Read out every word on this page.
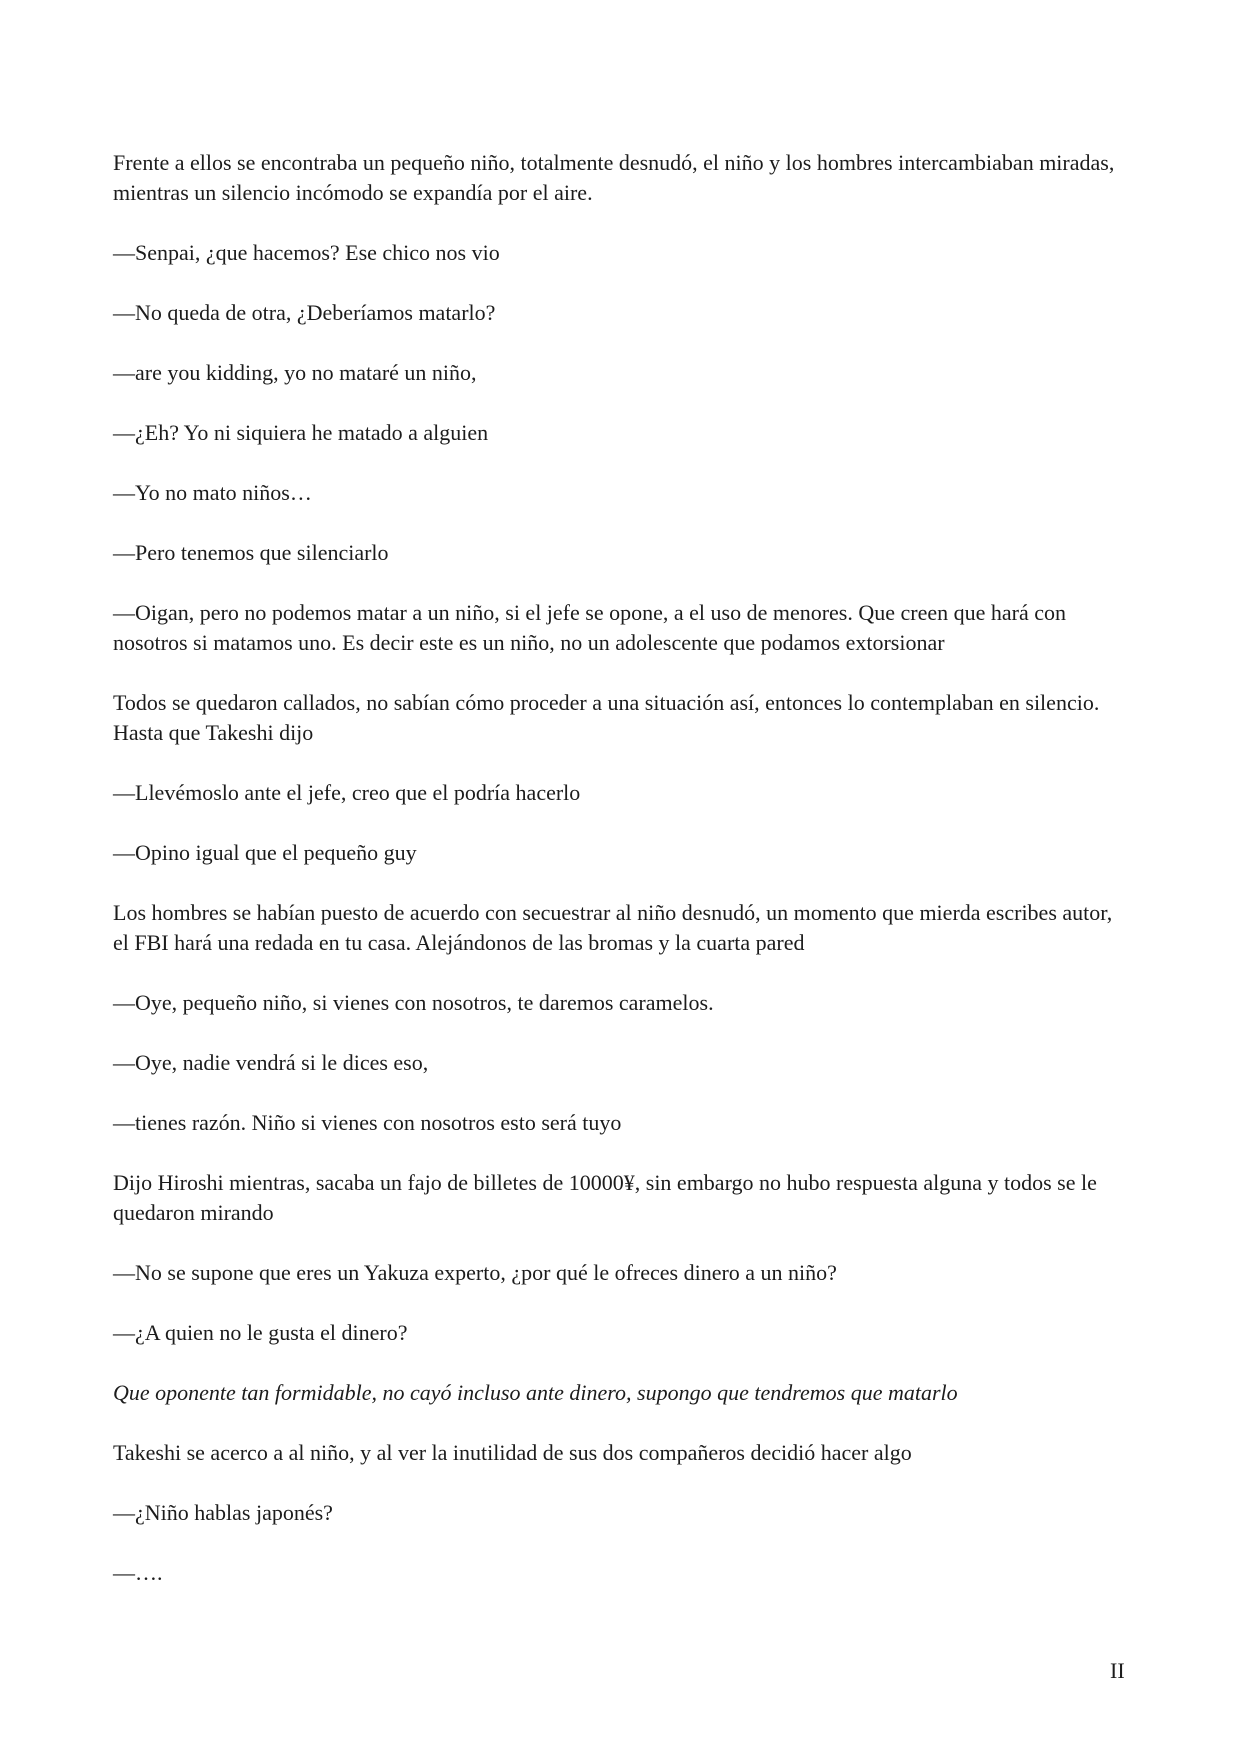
Frente a ellos se encontraba un pequeño niño, totalmente desnudó, el niño y los hombres intercambiaban miradas, mientras un silencio incómodo se expandía por el aire.

—Senpai, ¿que hacemos? Ese chico nos vio

—No queda de otra, ¿Deberíamos matarlo?

—are you kidding, yo no mataré un niño,

—¿Eh? Yo ni siquiera he matado a alguien

—Yo no mato niños…

—Pero tenemos que silenciarlo

—Oigan, pero no podemos matar a un niño, si el jefe se opone, a el uso de menores. Que creen que hará con nosotros si matamos uno. Es decir este es un niño, no un adolescente que podamos extorsionar

Todos se quedaron callados, no sabían cómo proceder a una situación así, entonces lo contemplaban en silencio. Hasta que Takeshi dijo

—Llevémoslo ante el jefe, creo que el podría hacerlo

—Opino igual que el pequeño guy

Los hombres se habían puesto de acuerdo con secuestrar al niño desnudó, un momento que mierda escribes autor, el FBI hará una redada en tu casa. Alejándonos de las bromas y la cuarta pared

—Oye, pequeño niño, si vienes con nosotros, te daremos caramelos.

—Oye, nadie vendrá si le dices eso,

—tienes razón. Niño si vienes con nosotros esto será tuyo

Dijo Hiroshi mientras, sacaba un fajo de billetes de 10000¥, sin embargo no hubo respuesta alguna y todos se le quedaron mirando

—No se supone que eres un Yakuza experto, ¿por qué le ofreces dinero a un niño?

—¿A quien no le gusta el dinero?

Que oponente tan formidable, no cayó incluso ante dinero, supongo que tendremos que matarlo

Takeshi se acerco a al niño, y al ver la inutilidad de sus dos compañeros decidió hacer algo

—¿Niño hablas japonés?

—….

II
